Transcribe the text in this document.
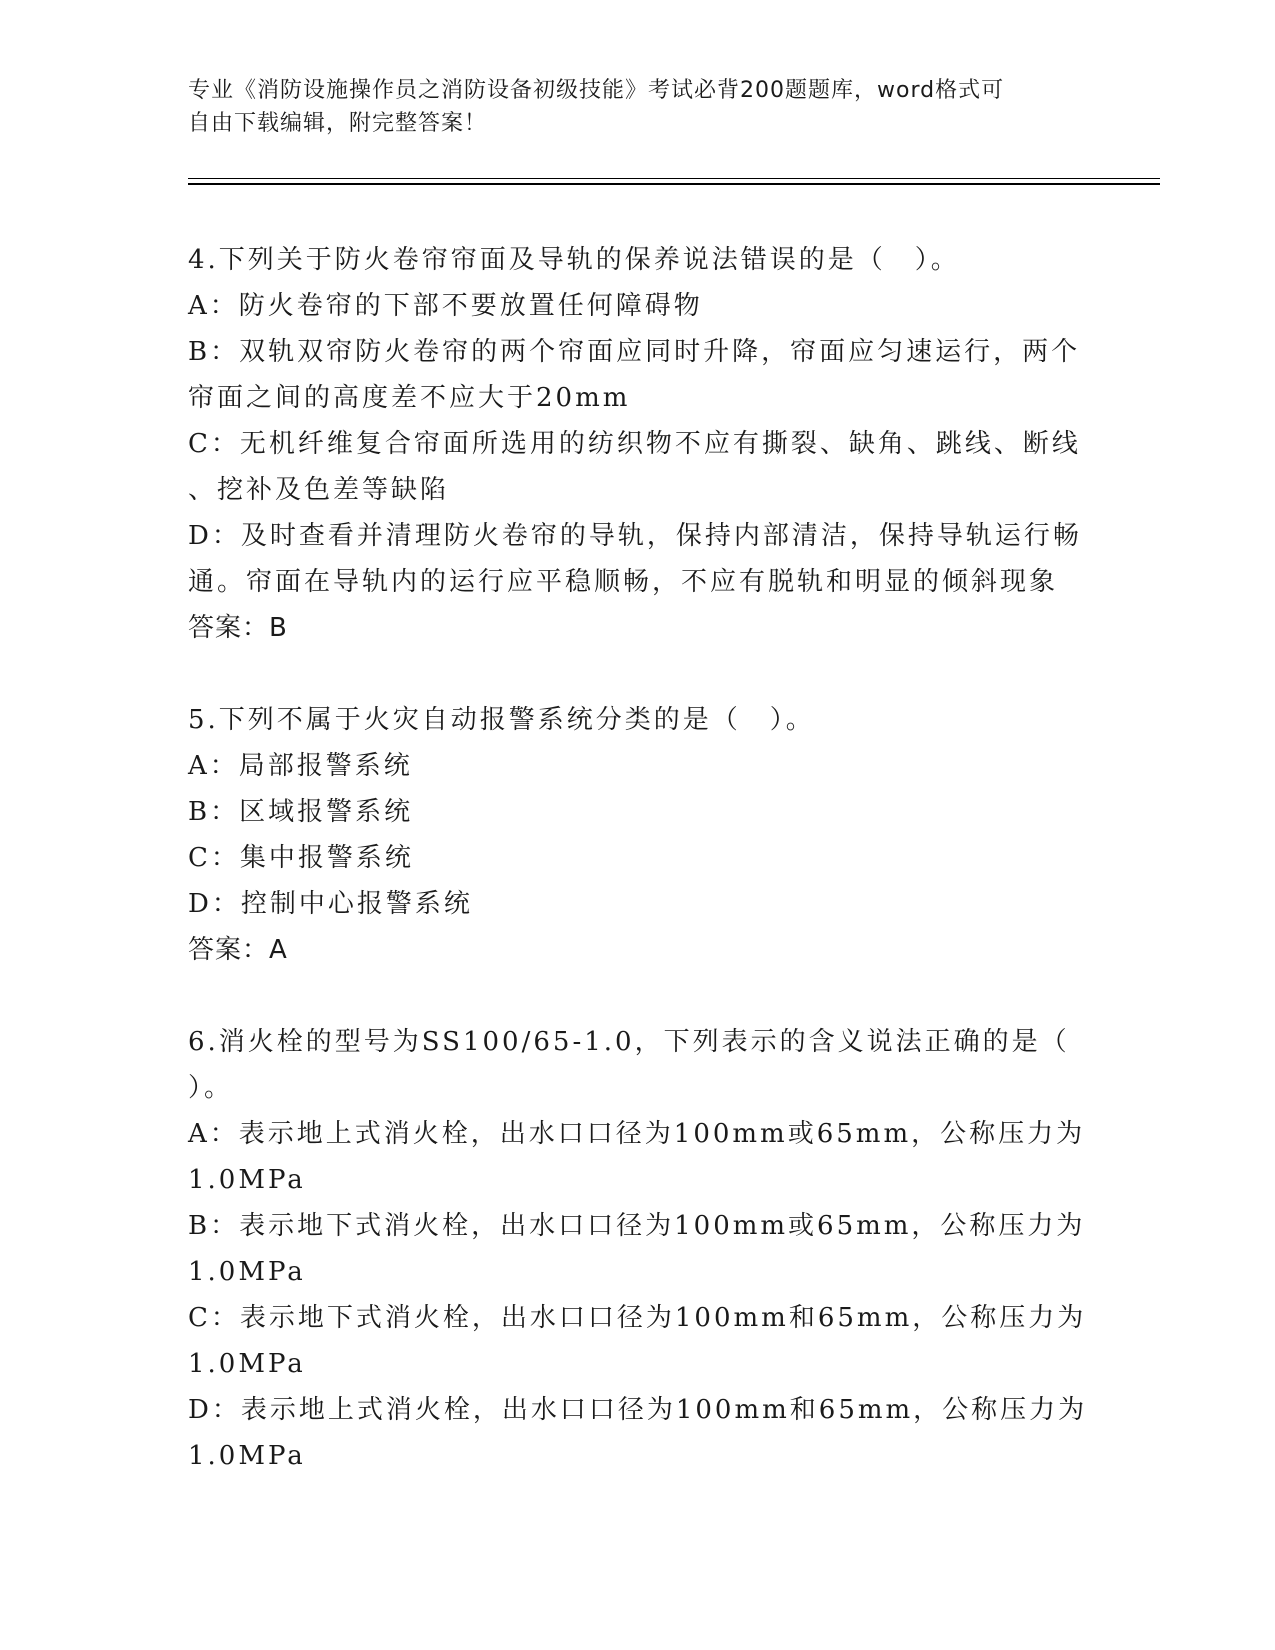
专业《消防设施操作员之消防设备初级技能》考试必背200题题库，word格式可
自由下载编辑，附完整答案！
4.下列关于防火卷帘帘面及导轨的保养说法错误的是（　）。
A：防火卷帘的下部不要放置任何障碍物
B：双轨双帘防火卷帘的两个帘面应同时升降，帘面应匀速运行，两个
帘面之间的高度差不应大于20mm
C：无机纤维复合帘面所选用的纺织物不应有撕裂、缺角、跳线、断线
、挖补及色差等缺陷
D：及时查看并清理防火卷帘的导轨，保持内部清洁，保持导轨运行畅
通。帘面在导轨内的运行应平稳顺畅，不应有脱轨和明显的倾斜现象
答案：B
5.下列不属于火灾自动报警系统分类的是（　）。
A：局部报警系统
B：区域报警系统
C：集中报警系统
D：控制中心报警系统
答案：A
6.消火栓的型号为SS100/65-1.0，下列表示的含义说法正确的是（
）。
A：表示地上式消火栓，出水口口径为100mm或65mm，公称压力为
1.0MPa
B：表示地下式消火栓，出水口口径为100mm或65mm，公称压力为
1.0MPa
C：表示地下式消火栓，出水口口径为100mm和65mm，公称压力为
1.0MPa
D：表示地上式消火栓，出水口口径为100mm和65mm，公称压力为
1.0MPa
